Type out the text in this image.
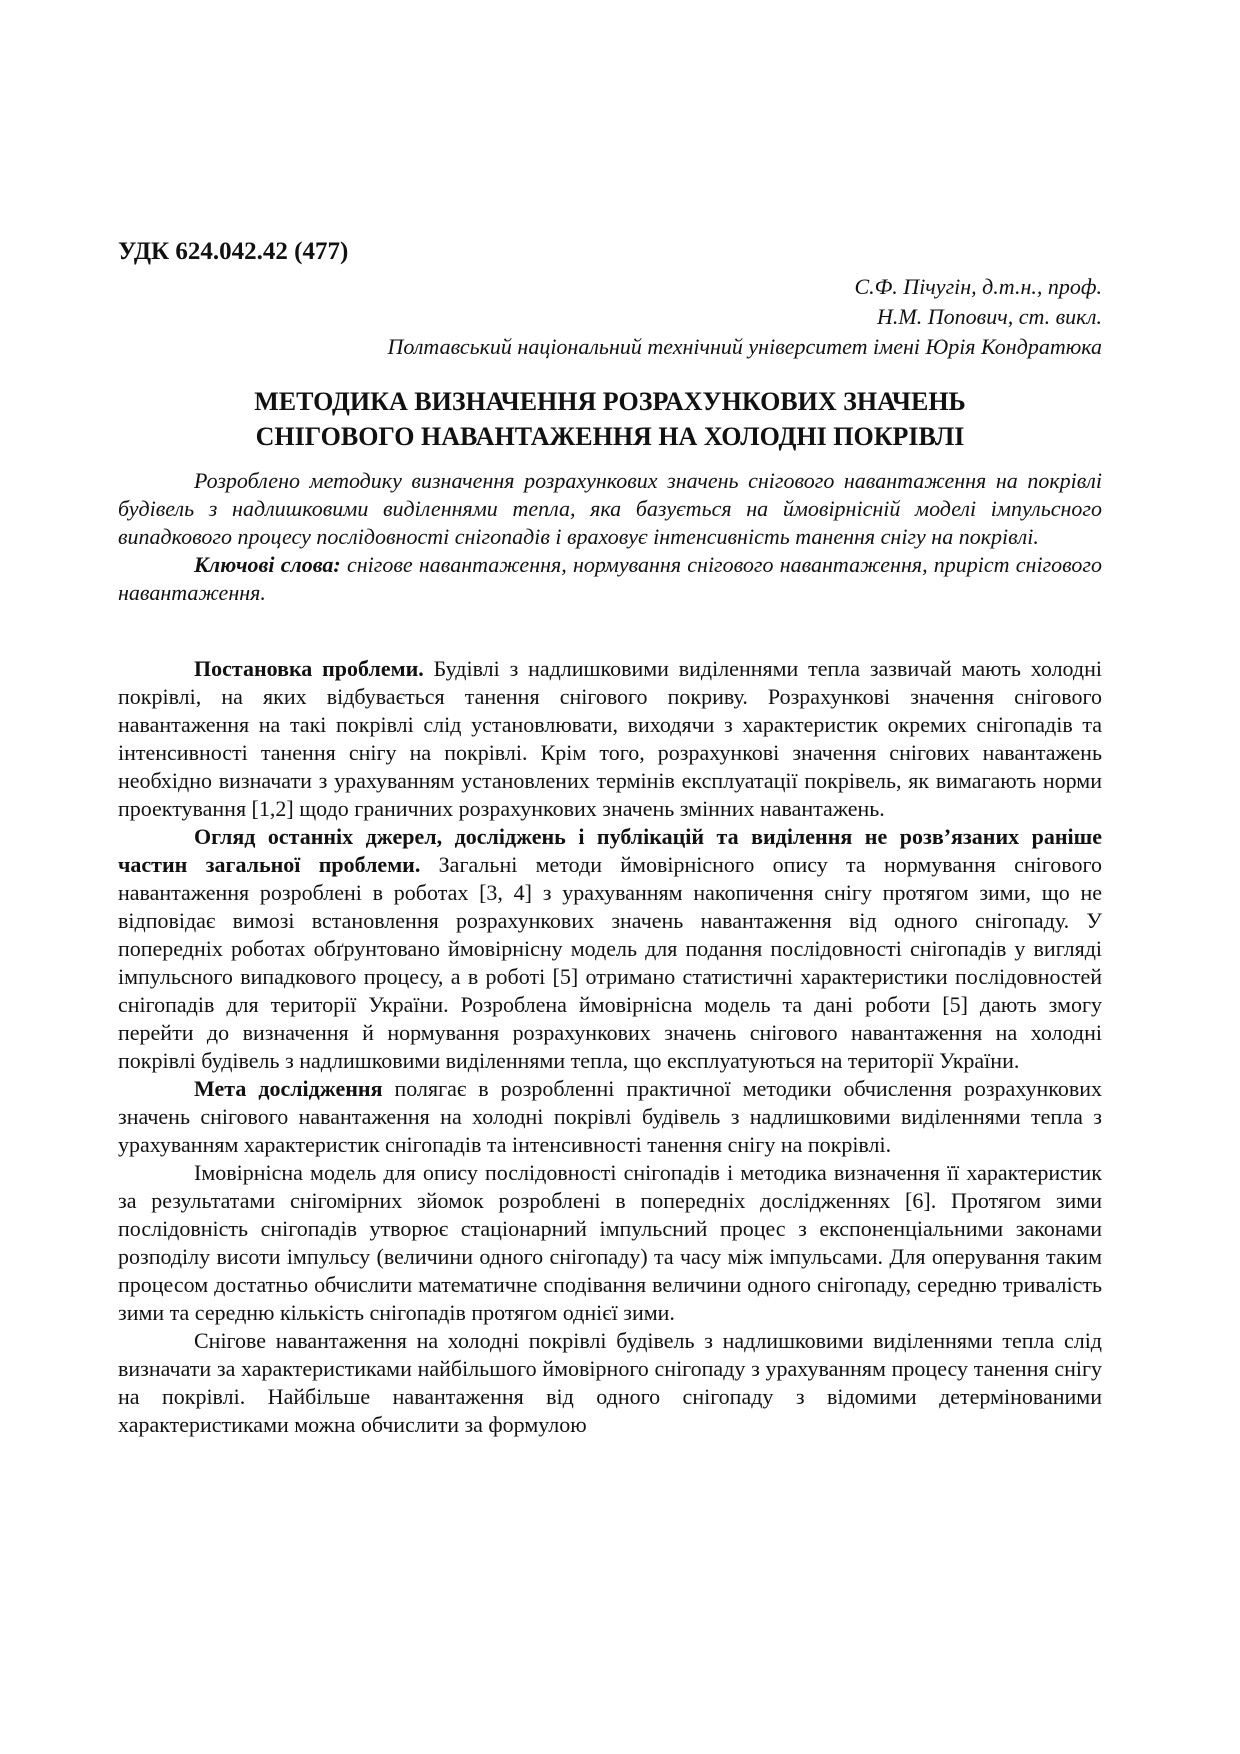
УДК 624.042.42 (477)
С.Ф. Пічугін, д.т.н., проф.
Н.М. Попович, ст. викл.
Полтавський національний технічний університет імені Юрія Кондратюка
МЕТОДИКА ВИЗНАЧЕННЯ РОЗРАХУНКОВИХ ЗНАЧЕНЬ
СНІГОВОГО НАВАНТАЖЕННЯ НА ХОЛОДНІ ПОКРІВЛІ

Розроблено методику визначення розрахункових значень снігового навантаження на покрівлі будівель з надлишковими виділеннями тепла, яка базується на ймовірнісній моделі імпульсного випадкового процесу послідовності снігопадів і враховує інтенсивність танення снігу на покрівлі.

Ключові слова: снігове навантаження, нормування снігового навантаження, приріст снігового навантаження.

Постановка проблеми. Будівлі з надлишковими виділеннями тепла зазвичай мають холодні покрівлі, на яких відбувається танення снігового покриву. Розрахункові значення снігового навантаження на такі покрівлі слід установлювати, виходячи з характеристик окремих снігопадів та інтенсивності танення снігу на покрівлі. Крім того, розрахункові значення снігових навантажень необхідно визначати з урахуванням установлених термінів експлуатації покрівель, як вимагають норми проектування [1,2] щодо граничних розрахункових значень змінних навантажень.

Огляд останніх джерел, досліджень і публікацій та виділення не розв’язаних раніше частин загальної проблеми. Загальні методи ймовірнісного опису та нормування снігового навантаження розроблені в роботах [3, 4] з урахуванням накопичення снігу протягом зими, що не відповідає вимозі встановлення розрахункових значень навантаження від одного снігопаду. У попередніх роботах обґрунтовано ймовірнісну модель для подання послідовності снігопадів у вигляді імпульсного випадкового процесу, а в роботі [5] отримано статистичні характеристики послідовностей снігопадів для території України. Розроблена ймовірнісна модель та дані роботи [5] дають змогу перейти до визначення й нормування розрахункових значень снігового навантаження на холодні покрівлі будівель з надлишковими виділеннями тепла, що експлуатуються на території України.

Мета дослідження полягає в розробленні практичної методики обчислення розрахункових значень снігового навантаження на холодні покрівлі будівель з надлишковими виділеннями тепла з урахуванням характеристик снігопадів та інтенсивності танення снігу на покрівлі.

Імовірнісна модель для опису послідовності снігопадів і методика визначення її характеристик за результатами снігомірних зйомок розроблені в попередніх дослідженнях [6]. Протягом зими послідовність снігопадів утворює стаціонарний імпульсний процес з експоненціальними законами розподілу висоти імпульсу (величини одного снігопаду) та часу між імпульсами. Для оперування таким процесом достатньо обчислити математичне сподівання величини одного снігопаду, середню тривалість зими та середню кількість снігопадів протягом однієї зими.

Снігове навантаження на холодні покрівлі будівель з надлишковими виділеннями тепла слід визначати за характеристиками найбільшого ймовірного снігопаду з урахуванням процесу танення снігу на покрівлі. Найбільше навантаження від одного снігопаду з відомими детермінованими характеристиками можна обчислити за формулою
